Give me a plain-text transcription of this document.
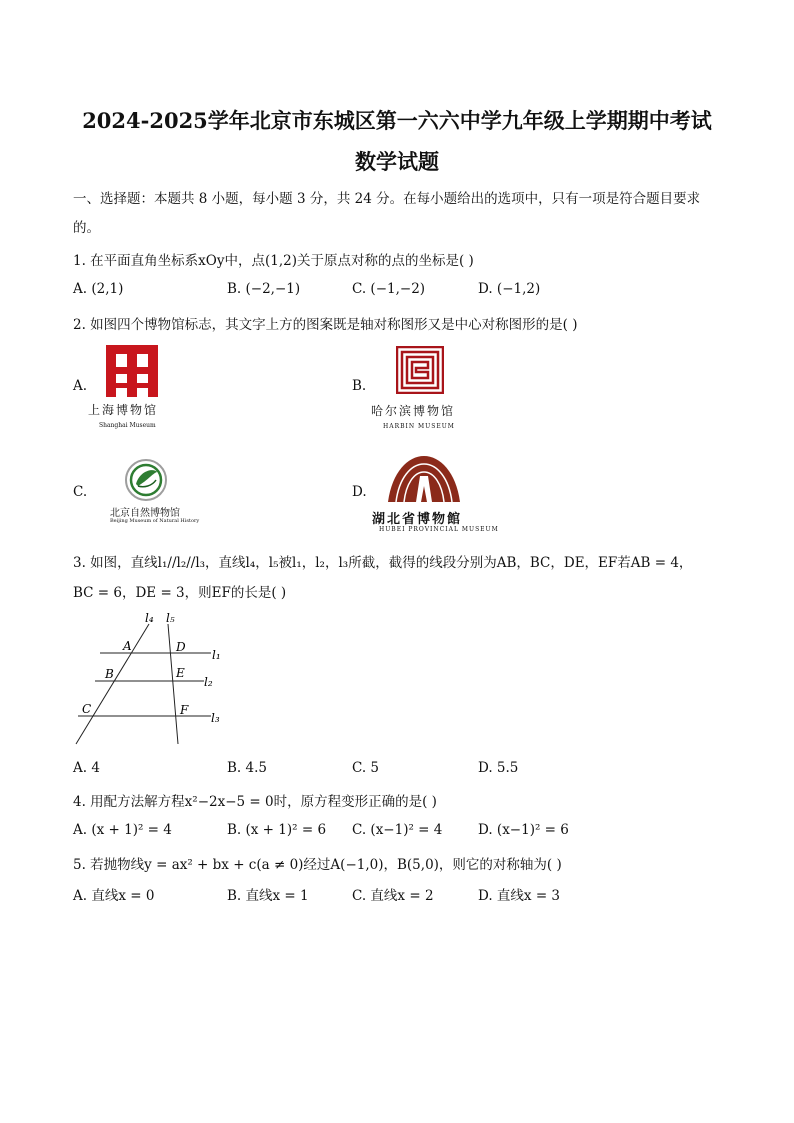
2024-2025学年北京市东城区第一六六中学九年级上学期期中考试
数学试题
一、选择题：本题共 8 小题，每小题 3 分，共 24 分。在每小题给出的选项中，只有一项是符合题目要求
的。
1. 在平面直角坐标系xOy中，点(1,2)关于原点对称的点的坐标是( )
A. (2,1)	B. (−2,−1)	C. (−1,−2)	D. (−1,2)
2. 如图四个博物馆标志，其文字上方的图案既是轴对称图形又是中心对称图形的是( )
A.
上海博物馆
Shanghai Museum
B.
哈尔滨博物馆
HARBIN MUSEUM
C.
北京自然博物馆
Beijing Museum of Natural History
D.
湖北省博物館
HUBEI PROVINCIAL MUSEUM
3. 如图，直线l₁//l₂//l₃，直线l₄，l₅被l₁，l₂，l₃所截，截得的线段分别为AB，BC，DE，EF若AB = 4，
BC = 6，DE = 3，则EF的长是( )
l₄ l₅
l₁
l₂
l₃
A
B
C
D
E
F
A. 4	B. 4.5	C. 5	D. 5.5
4. 用配方法解方程x²−2x−5 = 0时，原方程变形正确的是( )
A. (x + 1)² = 4	B. (x + 1)² = 6 C. (x−1)² = 4	D. (x−1)² = 6
5. 若抛物线y = ax² + bx + c(a ≠ 0)经过A(−1,0)，B(5,0)，则它的对称轴为( )
A. 直线x = 0	B. 直线x = 1	C. 直线x = 2	D. 直线x = 3
